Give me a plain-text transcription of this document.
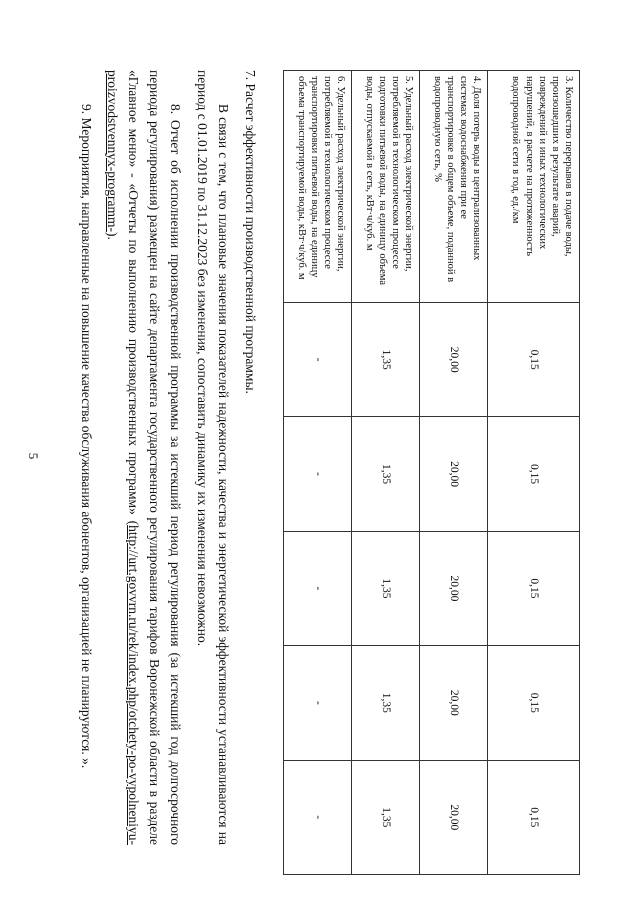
5
3. Количество перерывов в подаче воды, произошедших в результате аварий, повреждений и иных технологических нарушений, в расчете на протяженность водопроводной сети в год, ед./км	0,15	0,15	0,15	0,15	0,15
4. Доля потерь воды в централизованных системах водоснабжения при ее транспортировке в общем объеме, поданной в водопроводную сеть, %	20,00	20,00	20,00	20,00	20,00
5. Удельный расход электрической энергии, потребляемой в технологическом процессе подготовки питьевой воды, на единицу объема воды, отпускаемой в сеть, кВт·ч/куб. м	1,35	1,35	1,35	1,35	1,35
6. Удельный расход электрической энергии, потребляемой в технологическом процессе транспортировки питьевой воды, на единицу объема транспортируемой воды, кВт·ч/куб. м	-	-	-	-	-

7. Расчет эффективности производственной программы.

В связи с тем, что плановые значения показателей надежности, качества и энергетической эффективности устанавливаются на период с 01.01.2019 по 31.12.2023 без изменения, сопоставить динамику их изменения невозможно.

8. Отчет об исполнении производственной программы за истекший период регулирования (за истекший год долгосрочного периода регулирования) размещен на сайте департамента государственного регулирования тарифов Воронежской области в разделе «Главное меню» - «Отчеты по выполнению производственных программ» (http://urt.govvrn.ru/rek/index.php/otchety-po-vypolneniyu-proizvodstvennyx-programm-).

9. Мероприятия, направленные на повышение качества обслуживания абонентов, организацией не планируются. ».
